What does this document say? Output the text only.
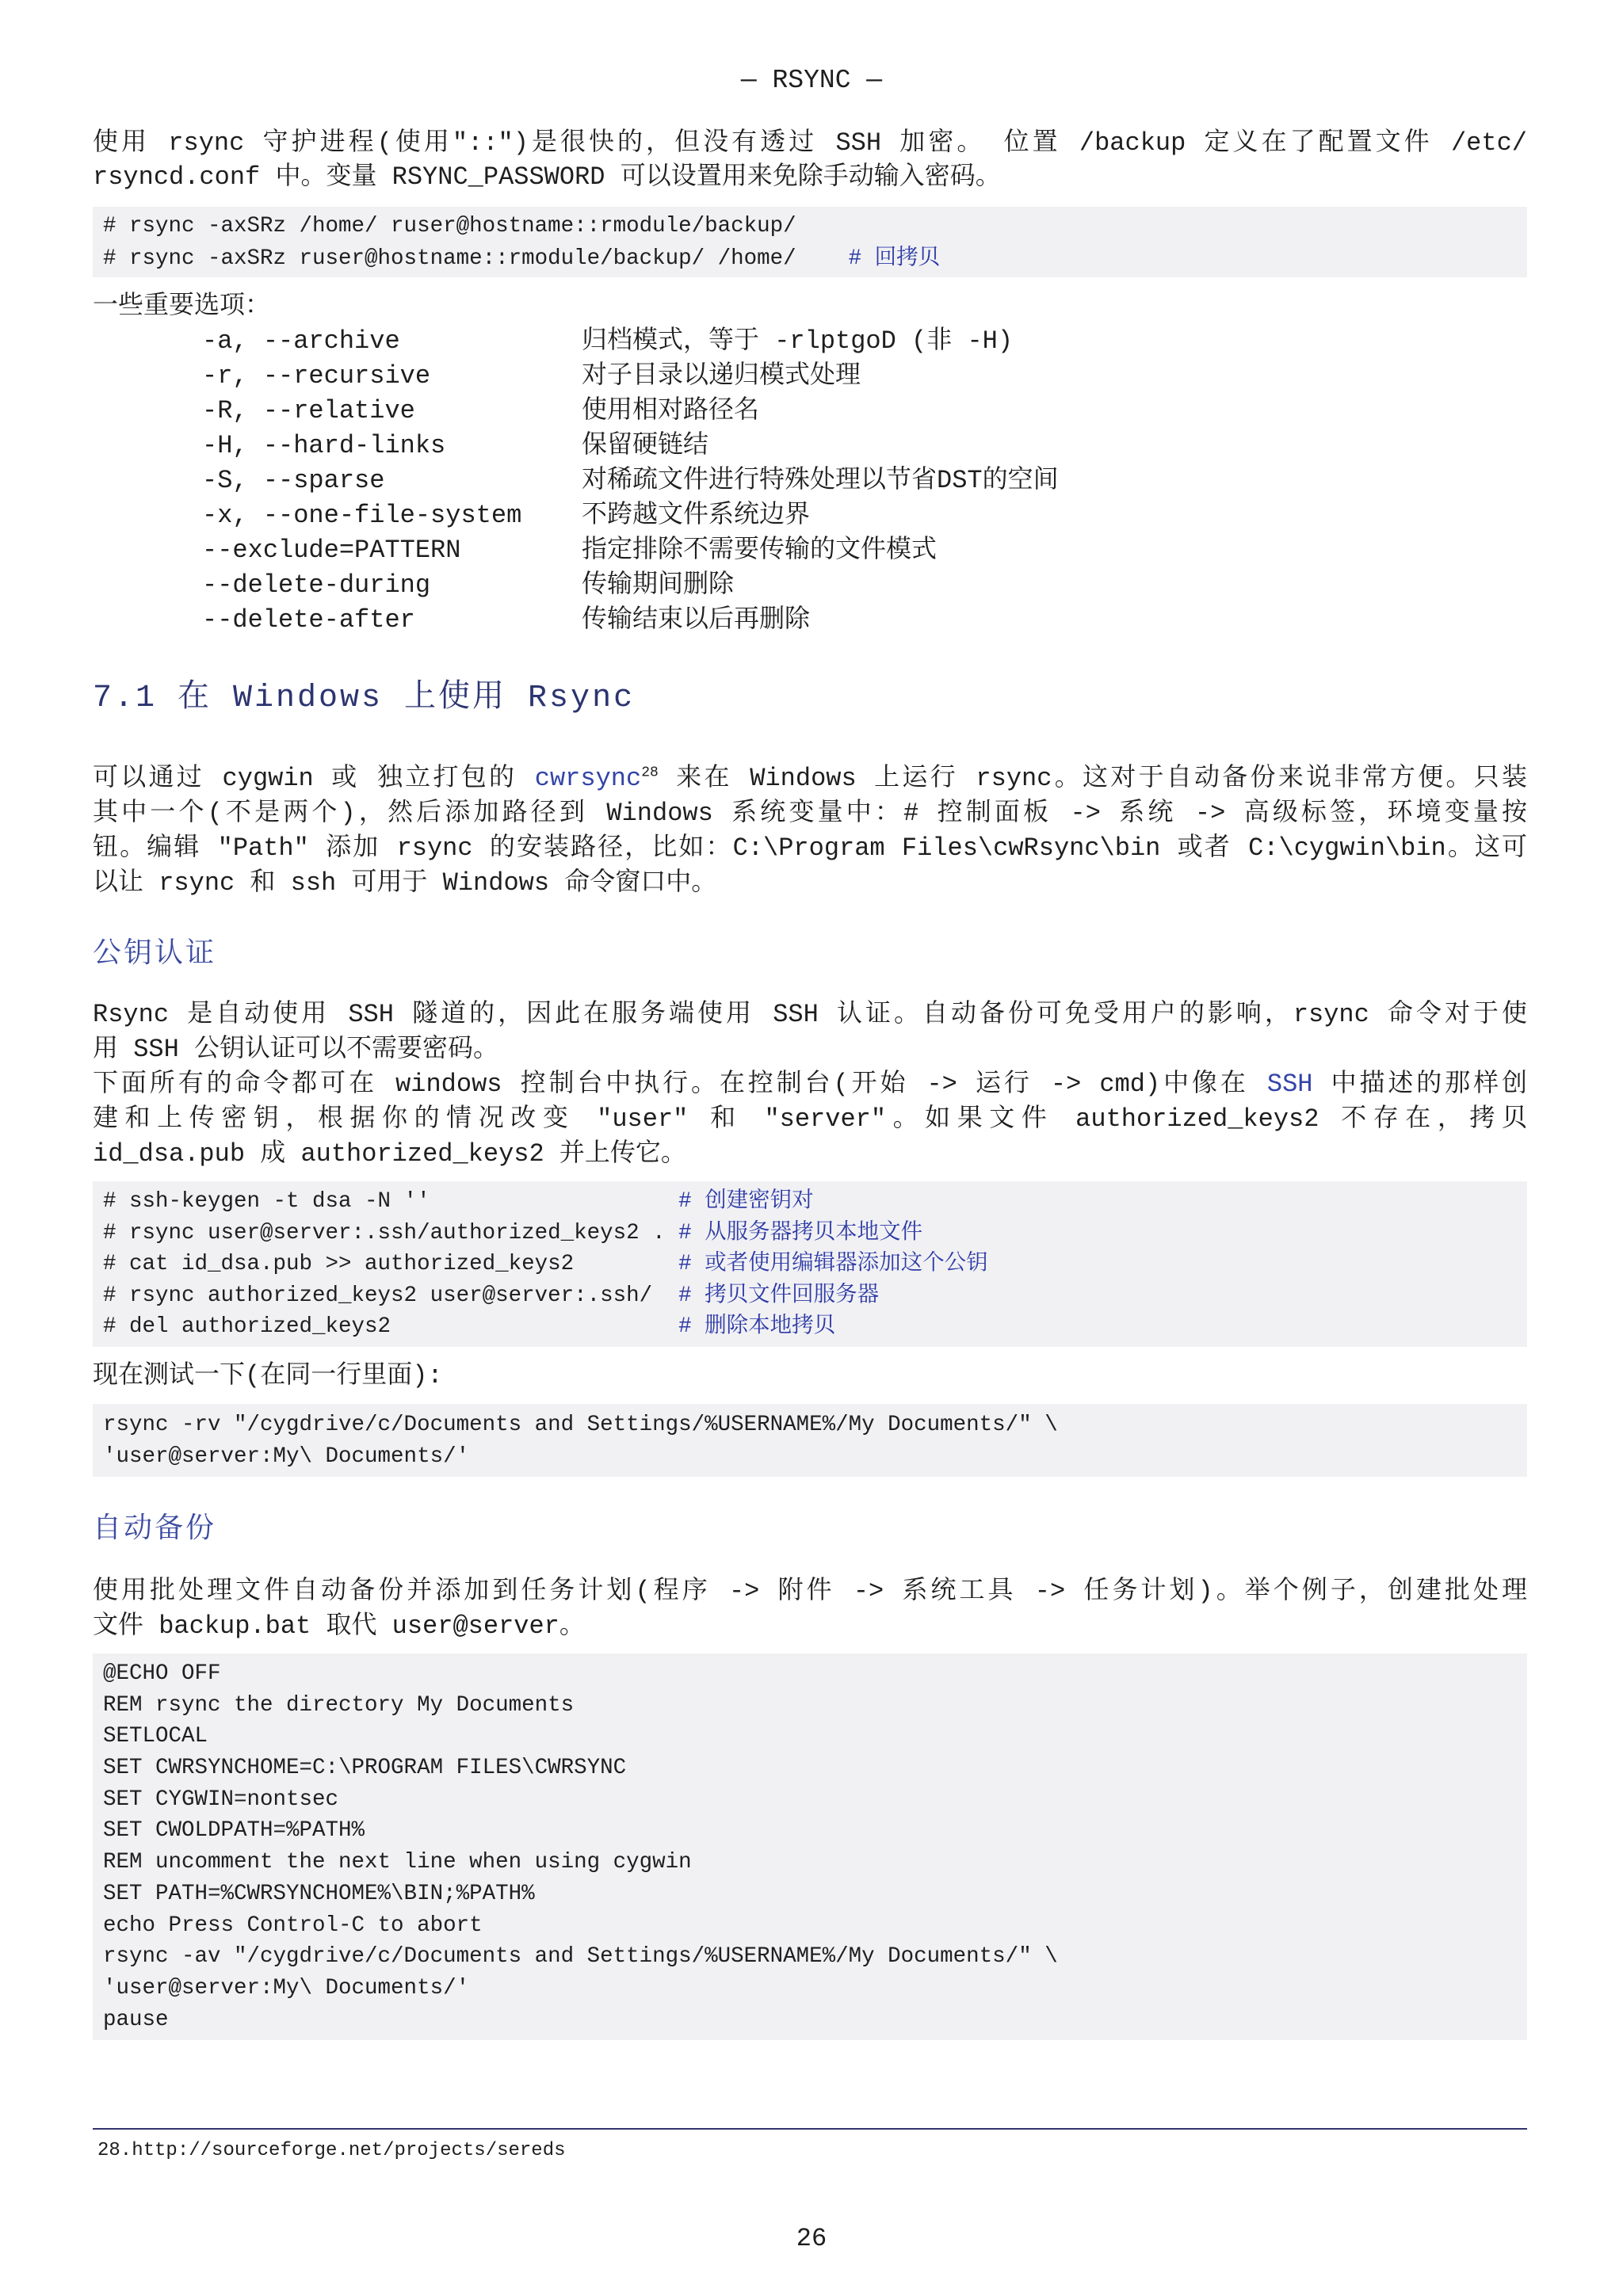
— RSYNC —
使用 rsync 守护进程(使用"::")是很快的，但没有透过 SSH 加密。 位置 /backup 定义在了配置文件 /etc/
rsyncd.conf 中。变量 RSYNC_PASSWORD 可以设置用来免除手动输入密码。
# rsync -axSRz /home/ ruser@hostname::rmodule/backup/
# rsync -axSRz ruser@hostname::rmodule/backup/ /home/ # 回拷贝
一些重要选项：
-a, --archive	归档模式，等于 -rlptgoD (非 -H)
-r, --recursive	对子目录以递归模式处理
-R, --relative	使用相对路径名
-H, --hard-links	保留硬链结
-S, --sparse	对稀疏文件进行特殊处理以节省DST的空间
-x, --one-file-system 不跨越文件系统边界
--exclude=PATTERN	指定排除不需要传输的文件模式
--delete-during	传输期间删除
--delete-after	传输结束以后再删除
7.1 在 Windows 上使用 Rsync
可以通过 cygwin 或 独立打包的 cwrsync$^{28}$ 来在 Windows 上运行 rsync。这对于自动备份来说非常方便。只装
其中一个(不是两个)，然后添加路径到 Windows 系统变量中：# 控制面板 -> 系统 -> 高级标签，环境变量按
钮。编辑 "Path" 添加 rsync 的安装路径，比如：C:\Program Files\cwRsync\bin 或者 C:\cygwin\bin。这可
以让 rsync 和 ssh 可用于 Windows 命令窗口中。
公钥认证
Rsync 是自动使用 SSH 隧道的，因此在服务端使用 SSH 认证。自动备份可免受用户的影响，rsync 命令对于使
用 SSH 公钥认证可以不需要密码。
下面所有的命令都可在 windows 控制台中执行。在控制台(开始 -> 运行 -> cmd)中像在 SSH 中描述的那样创
建和上传密钥，根据你的情况改变 "user" 和 "server"。如果文件 authorized_keys2 不存在，拷贝
id_dsa.pub 成 authorized_keys2 并上传它。
# ssh-keygen -t dsa -N ''	# 创建密钥对
# rsync user@server:.ssh/authorized_keys2 . # 从服务器拷贝本地文件
# cat id_dsa.pub >> authorized_keys2	# 或者使用编辑器添加这个公钥
# rsync authorized_keys2 user@server:.ssh/ # 拷贝文件回服务器
# del authorized_keys2	# 删除本地拷贝
现在测试一下(在同一行里面):
rsync -rv "/cygdrive/c/Documents and Settings/%USERNAME%/My Documents/" \
'user@server:My\ Documents/'
自动备份
使用批处理文件自动备份并添加到任务计划(程序 -> 附件 -> 系统工具 -> 任务计划)。举个例子，创建批处理
文件 backup.bat 取代 user@server。
@ECHO OFF
REM rsync the directory My Documents
SETLOCAL
SET CWRSYNCHOME=C:\PROGRAM FILES\CWRSYNC
SET CYGWIN=nontsec
SET CWOLDPATH=%PATH%
REM uncomment the next line when using cygwin
SET PATH=%CWRSYNCHOME%\BIN;%PATH%
echo Press Control-C to abort
rsync -av "/cygdrive/c/Documents and Settings/%USERNAME%/My Documents/" \
'user@server:My\ Documents/'
pause
28.http://sourceforge.net/projects/sereds
26
